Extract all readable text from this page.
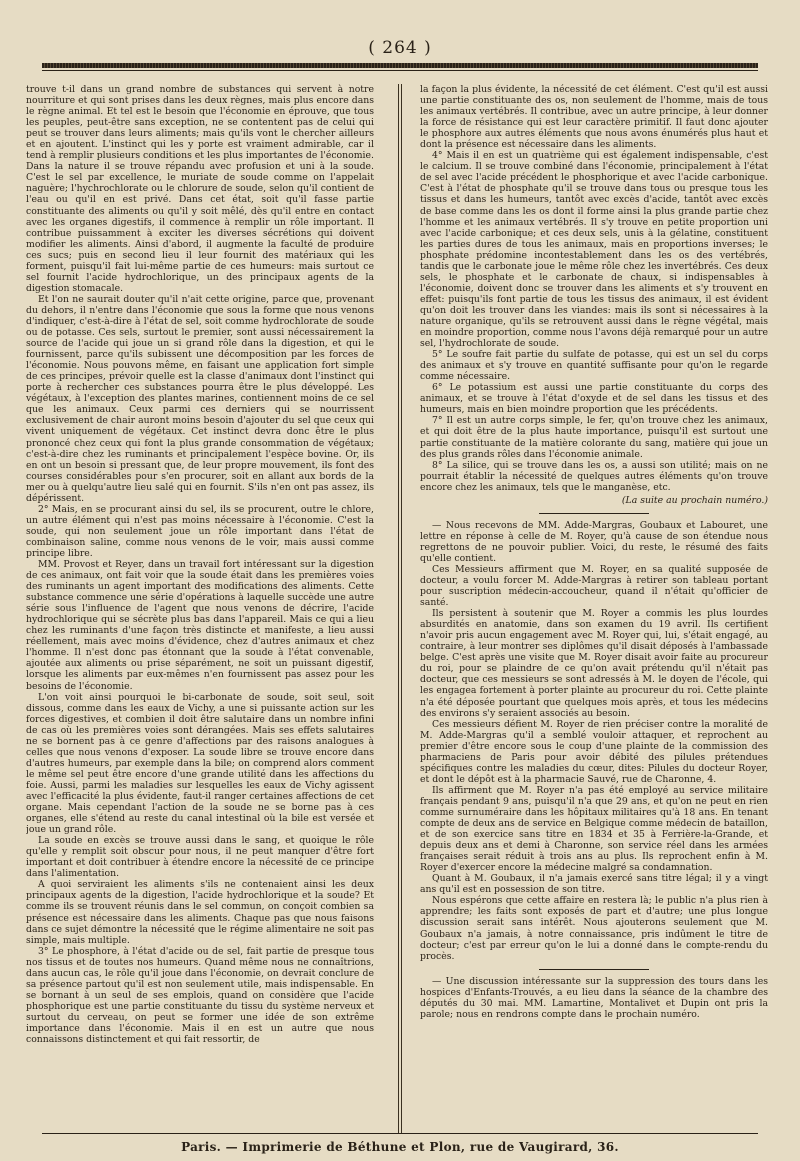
( 264 )

trouve t-il dans un grand nombre de substances qui servent à notre nourriture et qui sont prises dans les deux règnes, mais plus encore dans le règne animal. Et tel est le besoin que l'économie en éprouve, que tous les peuples, peut-être sans exception, ne se contentent pas de celui qui peut se trouver dans leurs aliments; mais qu'ils vont le chercher ailleurs et en ajoutent. L'instinct qui les y porte est vraiment admirable, car il tend à remplir plusieurs conditions et les plus importantes de l'économie. Dans la nature il se trouve répandu avec profusion et uni à la soude. C'est le sel par excellence, le muriate de soude comme on l'appelait naguère; l'hychrochlorate ou le chlorure de soude, selon qu'il contient de l'eau ou qu'il en est privé. Dans cet état, soit qu'il fasse partie constituante des aliments ou qu'il y soit mêlé, dès qu'il entre en contact avec les organes digestifs, il commence à remplir un rôle important. Il contribue puissamment à exciter les diverses sécrétions qui doivent modifier les aliments. Ainsi d'abord, il augmente la faculté de produire ces sucs; puis en second lieu il leur fournit des matériaux qui les forment, puisqu'il fait lui-même partie de ces humeurs: mais surtout ce sel fournit l'acide hydrochlorique, un des principaux agents de la digestion stomacale.

Et l'on ne saurait douter qu'il n'ait cette origine, parce que, provenant du dehors, il n'entre dans l'économie que sous la forme que nous venons d'indiquer, c'est-à-dire à l'état de sel, soit comme hydrochlorate de soude ou de potasse. Ces sels, surtout le premier, sont aussi nécessairement la source de l'acide qui joue un si grand rôle dans la digestion, et qui le fournissent, parce qu'ils subissent une décomposition par les forces de l'économie. Nous pouvons même, en faisant une application fort simple de ces principes, prévoir quelle est la classe d'animaux dont l'instinct qui porte à rechercher ces substances pourra être le plus développé. Les végétaux, à l'exception des plantes marines, contiennent moins de ce sel que les animaux. Ceux parmi ces derniers qui se nourrissent exclusivement de chair auront moins besoin d'ajouter du sel que ceux qui vivent uniquement de végétaux. Cet instinct devra donc être le plus prononcé chez ceux qui font la plus grande consommation de végétaux; c'est-à-dire chez les ruminants et principalement l'espèce bovine. Or, ils en ont un besoin si pressant que, de leur propre mouvement, ils font des courses considérables pour s'en procurer, soit en allant aux bords de la mer ou à quelqu'autre lieu salé qui en fournit. S'ils n'en ont pas assez, ils dépérissent.

2° Mais, en se procurant ainsi du sel, ils se procurent, outre le chlore, un autre élément qui n'est pas moins nécessaire à l'économie. C'est la soude, qui non seulement joue un rôle important dans l'état de combinaison saline, comme nous venons de le voir, mais aussi comme principe libre.

MM. Provost et Reyer, dans un travail fort intéressant sur la digestion de ces animaux, ont fait voir que la soude était dans les premières voies des ruminants un agent important des modifications des aliments. Cette substance commence une série d'opérations à laquelle succède une autre série sous l'influence de l'agent que nous venons de décrire, l'acide hydrochlorique qui se sécrète plus bas dans l'appareil. Mais ce qui a lieu chez les ruminants d'une façon très distincte et manifeste, a lieu aussi réellement, mais avec moins d'évidence, chez d'autres animaux et chez l'homme. Il n'est donc pas étonnant que la soude à l'état convenable, ajoutée aux aliments ou prise séparément, ne soit un puissant digestif, lorsque les aliments par eux-mêmes n'en fournissent pas assez pour les besoins de l'économie.

L'on voit ainsi pourquoi le bi-carbonate de soude, soit seul, soit dissous, comme dans les eaux de Vichy, a une si puissante action sur les forces digestives, et combien il doit être salutaire dans un nombre infini de cas où les premières voies sont dérangées. Mais ses effets salutaires ne se bornent pas à ce genre d'affections par des raisons analogues à celles que nous venons d'exposer. La soude libre se trouve encore dans d'autres humeurs, par exemple dans la bile; on comprend alors comment le même sel peut être encore d'une grande utilité dans les affections du foie. Aussi, parmi les maladies sur lesquelles les eaux de Vichy agissent avec l'efficacité la plus évidente, faut-il ranger certaines affections de cet organe. Mais cependant l'action de la soude ne se borne pas à ces organes, elle s'étend au reste du canal intestinal où la bile est versée et joue un grand rôle.

La soude en excès se trouve aussi dans le sang, et quoique le rôle qu'elle y remplit soit obscur pour nous, il ne peut manquer d'être fort important et doit contribuer à étendre encore la nécessité de ce principe dans l'alimentation.

A quoi serviraient les aliments s'ils ne contenaient ainsi les deux principaux agents de la digestion, l'acide hydrochlorique et la soude? Et comme ils se trouvent réunis dans le sel commun, on conçoit combien sa présence est nécessaire dans les aliments. Chaque pas que nous faisons dans ce sujet démontre la nécessité que le régime alimentaire ne soit pas simple, mais multiple.

3° Le phosphore, à l'état d'acide ou de sel, fait partie de presque tous nos tissus et de toutes nos humeurs. Quand même nous ne connaîtrions, dans aucun cas, le rôle qu'il joue dans l'économie, on devrait conclure de sa présence partout qu'il est non seulement utile, mais indispensable. En se bornant à un seul de ses emplois, quand on considère que l'acide phosphorique est une partie constituante du tissu du système nerveux et surtout du cerveau, on peut se former une idée de son extrême importance dans l'économie. Mais il en est un autre que nous connaissons distinctement et qui fait ressortir, de

la façon la plus évidente, la nécessité de cet élément. C'est qu'il est aussi une partie constituante des os, non seulement de l'homme, mais de tous les animaux vertébrés. Il contribue, avec un autre principe, à leur donner la force de résistance qui est leur caractère primitif. Il faut donc ajouter le phosphore aux autres éléments que nous avons énumérés plus haut et dont la présence est nécessaire dans les aliments.

4° Mais il en est un quatrième qui est également indispensable, c'est le calcium. Il se trouve combiné dans l'économie, principalement à l'état de sel avec l'acide précédent le phosphorique et avec l'acide carbonique. C'est à l'état de phosphate qu'il se trouve dans tous ou presque tous les tissus et dans les humeurs, tantôt avec excès d'acide, tantôt avec excès de base comme dans les os dont il forme ainsi la plus grande partie chez l'homme et les animaux vertébrés. Il s'y trouve en petite proportion uni avec l'acide carbonique; et ces deux sels, unis à la gélatine, constituent les parties dures de tous les animaux, mais en proportions inverses; le phosphate prédomine incontestablement dans les os des vertébrés, tandis que le carbonate joue le même rôle chez les invertébrés. Ces deux sels, le phosphate et le carbonate de chaux, si indispensables à l'économie, doivent donc se trouver dans les aliments et s'y trouvent en effet: puisqu'ils font partie de tous les tissus des animaux, il est évident qu'on doit les trouver dans les viandes: mais ils sont si nécessaires à la nature organique, qu'ils se retrouvent aussi dans le règne végétal, mais en moindre proportion, comme nous l'avons déjà remarqué pour un autre sel, l'hydrochlorate de soude.

5° Le soufre fait partie du sulfate de potasse, qui est un sel du corps des animaux et s'y trouve en quantité suffisante pour qu'on le regarde comme nécessaire.

6° Le potassium est aussi une partie constituante du corps des animaux, et se trouve à l'état d'oxyde et de sel dans les tissus et des humeurs, mais en bien moindre proportion que les précédents.

7° Il est un autre corps simple, le fer, qu'on trouve chez les animaux, et qui doit être de la plus haute importance, puisqu'il est surtout une partie constituante de la matière colorante du sang, matière qui joue un des plus grands rôles dans l'économie animale.

8° La silice, qui se trouve dans les os, a aussi son utilité; mais on ne pourrait établir la nécessité de quelques autres éléments qu'on trouve encore chez les animaux, tels que le manganèse, etc.

(La suite au prochain numéro.)

— Nous recevons de MM. Adde-Margras, Goubaux et Labouret, une lettre en réponse à celle de M. Royer, qu'à cause de son étendue nous regrettons de ne pouvoir publier. Voici, du reste, le résumé des faits qu'elle contient.

Ces Messieurs affirment que M. Royer, en sa qualité supposée de docteur, a voulu forcer M. Adde-Margras à retirer son tableau portant pour suscription médecin-accoucheur, quand il n'était qu'officier de santé.

Ils persistent à soutenir que M. Royer a commis les plus lourdes absurdités en anatomie, dans son examen du 19 avril. Ils certifient n'avoir pris aucun engagement avec M. Royer qui, lui, s'était engagé, au contraire, à leur montrer ses diplômes qu'il disait déposés à l'ambassade belge. C'est après une visite que M. Royer disait avoir faite au procureur du roi, pour se plaindre de ce qu'on avait prétendu qu'il n'était pas docteur, que ces messieurs se sont adressés à M. le doyen de l'école, qui les engagea fortement à porter plainte au procureur du roi. Cette plainte n'a été déposée pourtant que quelques mois après, et tous les médecins des environs s'y seraient associés au besoin.

Ces messieurs défient M. Royer de rien préciser contre la moralité de M. Adde-Margras qu'il a semblé vouloir attaquer, et reprochent au premier d'être encore sous le coup d'une plainte de la commission des pharmaciens de Paris pour avoir débité des pilules prétendues spécifiques contre les maladies du cœur, dites: Pilules du docteur Royer, et dont le dépôt est à la pharmacie Sauvé, rue de Charonne, 4.

Ils affirment que M. Royer n'a pas été employé au service militaire français pendant 9 ans, puisqu'il n'a que 29 ans, et qu'on ne peut en rien comme surnuméraire dans les hôpitaux militaires qu'à 18 ans. En tenant compte de deux ans de service en Belgique comme médecin de bataillon, et de son exercice sans titre en 1834 et 35 à Ferrière-la-Grande, et depuis deux ans et demi à Charonne, son service réel dans les armées françaises serait réduit à trois ans au plus. Ils reprochent enfin à M. Royer d'exercer encore la médecine malgré sa condamnation.

Quant à M. Goubaux, il n'a jamais exercé sans titre légal; il y a vingt ans qu'il est en possession de son titre.

Nous espérons que cette affaire en restera là; le public n'a plus rien à apprendre; les faits sont exposés de part et d'autre; une plus longue discussion serait sans intérêt. Nous ajouterons seulement que M. Goubaux n'a jamais, à notre connaissance, pris indûment le titre de docteur; c'est par erreur qu'on le lui a donné dans le compte-rendu du procès.

— Une discussion intéressante sur la suppression des tours dans les hospices d'Enfants-Trouvés, a eu lieu dans la séance de la chambre des députés du 30 mai. MM. Lamartine, Montalivet et Dupin ont pris la parole; nous en rendrons compte dans le prochain numéro.

Paris. — Imprimerie de Béthune et Plon, rue de Vaugirard, 36.
